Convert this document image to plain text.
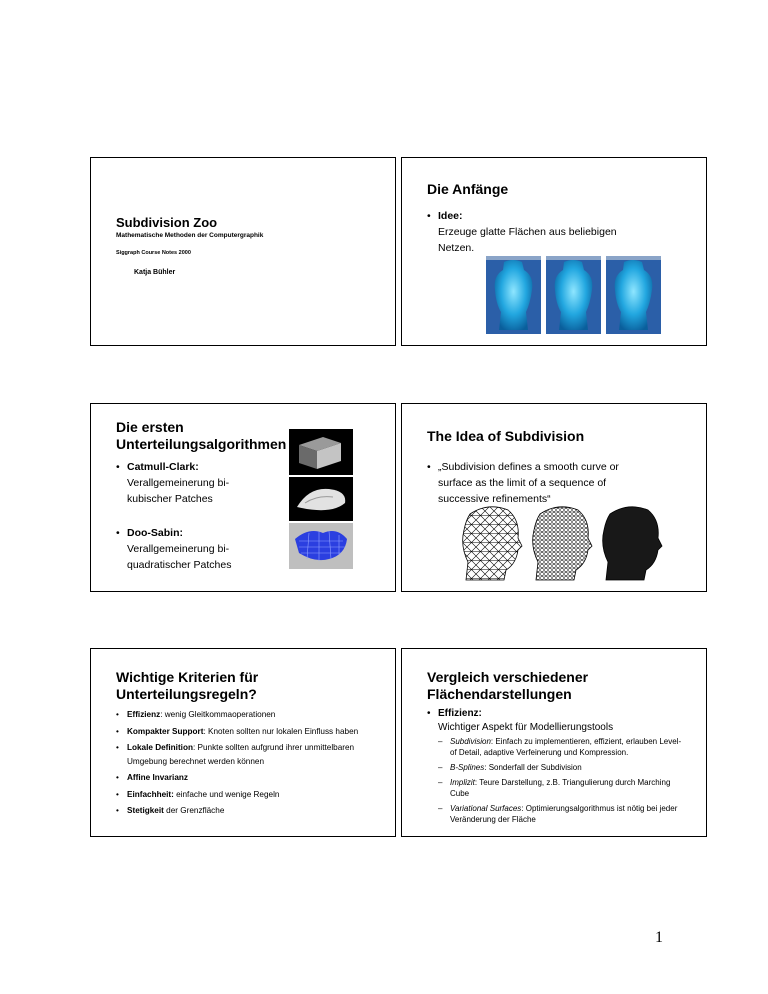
Subdivision Zoo
Mathematische Methoden der Computergraphik
Siggraph Course Notes 2000
Katja Bühler
Die Anfänge
• Idee:
Erzeuge glatte Flächen aus beliebigen
Netzen.
Die ersten
Unterteilungsalgorithmen
• Catmull-Clark:
Verallgemeinerung bi-
kubischer Patches
• Doo-Sabin:
Verallgemeinerung bi-
quadratischer Patches
The Idea of Subdivision
• „Subdivision defines a smooth curve or
surface as the limit of a sequence of
successive refinements“
Wichtige Kriterien für
Unterteilungsregeln?
• Effizienz: wenig Gleitkommaoperationen
• Kompakter Support: Knoten sollten nur lokalen Einfluss haben
• Lokale Definition: Punkte sollten aufgrund ihrer unmittelbaren Umgebung berechnet werden können
• Affine Invarianz
• Einfachheit: einfache und wenige Regeln
• Stetigkeit der Grenzfläche
Vergleich verschiedener
Flächendarstellungen
• Effizienz:
Wichtiger Aspekt für Modellierungstools
– Subdivision: Einfach zu implementieren, effizient, erlauben Level-of Detail, adaptive Verfeinerung und Kompression.
– B-Splines: Sonderfall der Subdivision
– Implizit: Teure Darstellung, z.B. Triangulierung durch Marching Cube
– Variational Surfaces: Optimierungsalgorithmus ist nötig bei jeder Veränderung der Fläche
1
